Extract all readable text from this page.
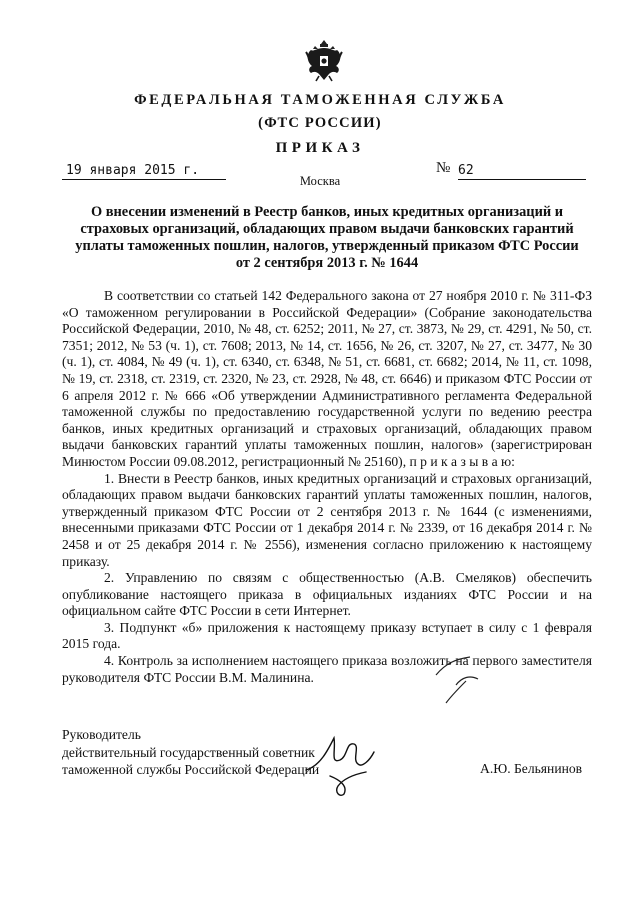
ФЕДЕРАЛЬНАЯ ТАМОЖЕННАЯ СЛУЖБА
(ФТС РОССИИ)
ПРИКАЗ
19 января 2015 г.	№ 62
Москва
О внесении изменений в Реестр банков, иных кредитных организаций и
страховых организаций, обладающих правом выдачи банковских гарантий
уплаты таможенных пошлин, налогов, утвержденный приказом ФТС России
от 2 сентября 2013 г. № 1644

В соответствии со статьей 142 Федерального закона от 27 ноября 2010 г. № 311-ФЗ «О таможенном регулировании в Российской Федерации» (Собрание законодательства Российской Федерации, 2010, № 48, ст. 6252; 2011, № 27, ст. 3873, № 29, ст. 4291, № 50, ст. 7351; 2012, № 53 (ч. 1), ст. 7608; 2013, № 14, ст. 1656, № 26, ст. 3207, № 27, ст. 3477, № 30 (ч. 1), ст. 4084, № 49 (ч. 1), ст. 6340, ст. 6348, № 51, ст. 6681, ст. 6682; 2014, № 11, ст. 1098, № 19, ст. 2318, ст. 2319, ст. 2320, № 23, ст. 2928, № 48, ст. 6646) и приказом ФТС России от 6 апреля 2012 г. № 666 «Об утверждении Административного регламента Федеральной таможенной службы по предоставлению государственной услуги по ведению реестра банков, иных кредитных организаций и страховых организаций, обладающих правом выдачи банковских гарантий уплаты таможенных пошлин, налогов» (зарегистрирован Минюстом России 09.08.2012, регистрационный № 25160), п р и к а з ы в а ю:

1. Внести в Реестр банков, иных кредитных организаций и страховых организаций, обладающих правом выдачи банковских гарантий уплаты таможенных пошлин, налогов, утвержденный приказом ФТС России от 2 сентября 2013 г. № 1644 (с изменениями, внесенными приказами ФТС России от 1 декабря 2014 г. № 2339, от 16 декабря 2014 г. № 2458 и от 25 декабря 2014 г. № 2556), изменения согласно приложению к настоящему приказу.

2. Управлению по связям с общественностью (А.В. Смеляков) обеспечить опубликование настоящего приказа в официальных изданиях ФТС России и на официальном сайте ФТС России в сети Интернет.

3. Подпункт «б» приложения к настоящему приказу вступает в силу с 1 февраля 2015 года.

4. Контроль за исполнением настоящего приказа возложить на первого заместителя руководителя ФТС России В.М. Малинина.

Руководитель
действительный государственный советник
таможенной службы Российской Федерации	А.Ю. Бельянинов
